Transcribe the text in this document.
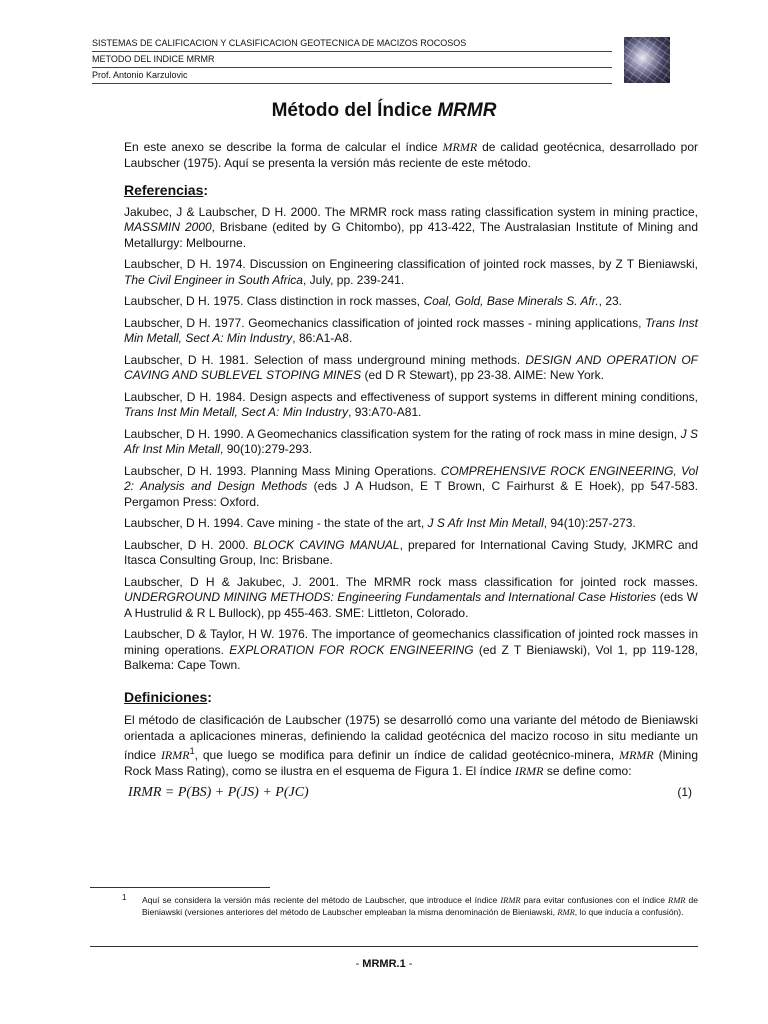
SISTEMAS DE CALIFICACION Y CLASIFICACION GEOTECNICA DE MACIZOS ROCOSOS
METODO DEL INDICE MRMR
Prof. Antonio Karzulovic
Método del Índice MRMR

En este anexo se describe la forma de calcular el índice MRMR de calidad geotécnica, desarrollado por Laubscher (1975). Aquí se presenta la versión más reciente de este método.

Referencias:

Jakubec, J & Laubscher, D H. 2000. The MRMR rock mass rating classification system in mining practice, MASSMIN 2000, Brisbane (edited by G Chitombo), pp 413-422, The Australasian Institute of Mining and Metallurgy: Melbourne.

Laubscher, D H. 1974. Discussion on Engineering classification of jointed rock masses, by Z T Bieniawski, The Civil Engineer in South Africa, July, pp. 239-241.

Laubscher, D H. 1975. Class distinction in rock masses, Coal, Gold, Base Minerals S. Afr., 23.

Laubscher, D H. 1977. Geomechanics classification of jointed rock masses - mining applications, Trans Inst Min Metall, Sect A: Min Industry, 86:A1-A8.

Laubscher, D H. 1981. Selection of mass underground mining methods. DESIGN AND OPERATION OF CAVING AND SUBLEVEL STOPING MINES (ed D R Stewart), pp 23-38. AIME: New York.

Laubscher, D H. 1984. Design aspects and effectiveness of support systems in different mining conditions, Trans Inst Min Metall, Sect A: Min Industry, 93:A70-A81.

Laubscher, D H. 1990. A Geomechanics classification system for the rating of rock mass in mine design, J S Afr Inst Min Metall, 90(10):279-293.

Laubscher, D H. 1993. Planning Mass Mining Operations. COMPREHENSIVE ROCK ENGINEERING, Vol 2: Analysis and Design Methods (eds J A Hudson, E T Brown, C Fairhurst & E Hoek), pp 547-583. Pergamon Press: Oxford.

Laubscher, D H. 1994. Cave mining - the state of the art, J S Afr Inst Min Metall, 94(10):257-273.

Laubscher, D H. 2000. BLOCK CAVING MANUAL, prepared for International Caving Study, JKMRC and Itasca Consulting Group, Inc: Brisbane.

Laubscher, D H & Jakubec, J. 2001. The MRMR rock mass classification for jointed rock masses. UNDERGROUND MINING METHODS: Engineering Fundamentals and International Case Histories (eds W A Hustrulid & R L Bullock), pp 455-463. SME: Littleton, Colorado.

Laubscher, D & Taylor, H W. 1976. The importance of geomechanics classification of jointed rock masses in mining operations. EXPLORATION FOR ROCK ENGINEERING (ed Z T Bieniawski), Vol 1, pp 119-128, Balkema: Cape Town.

Definiciones:

El método de clasificación de Laubscher (1975) se desarrolló como una variante del método de Bieniawski orientada a aplicaciones mineras, definiendo la calidad geotécnica del macizo rocoso in situ mediante un índice IRMR$^1$, que luego se modifica para definir un índice de calidad geotécnico-minera, MRMR (Mining Rock Mass Rating), como se ilustra en el esquema de Figura 1. El índice IRMR se define como:

IRMR = P(BS) + P(JS) + P(JC)	(1)
1 Aquí se considera la versión más reciente del método de Laubscher, que introduce el índice IRMR para evitar confusiones con el índice RMR de Bieniawski (versiones anteriores del método de Laubscher empleaban la misma denominación de Bieniawski, RMR, lo que inducía a confusión).
- MRMR.1 -
